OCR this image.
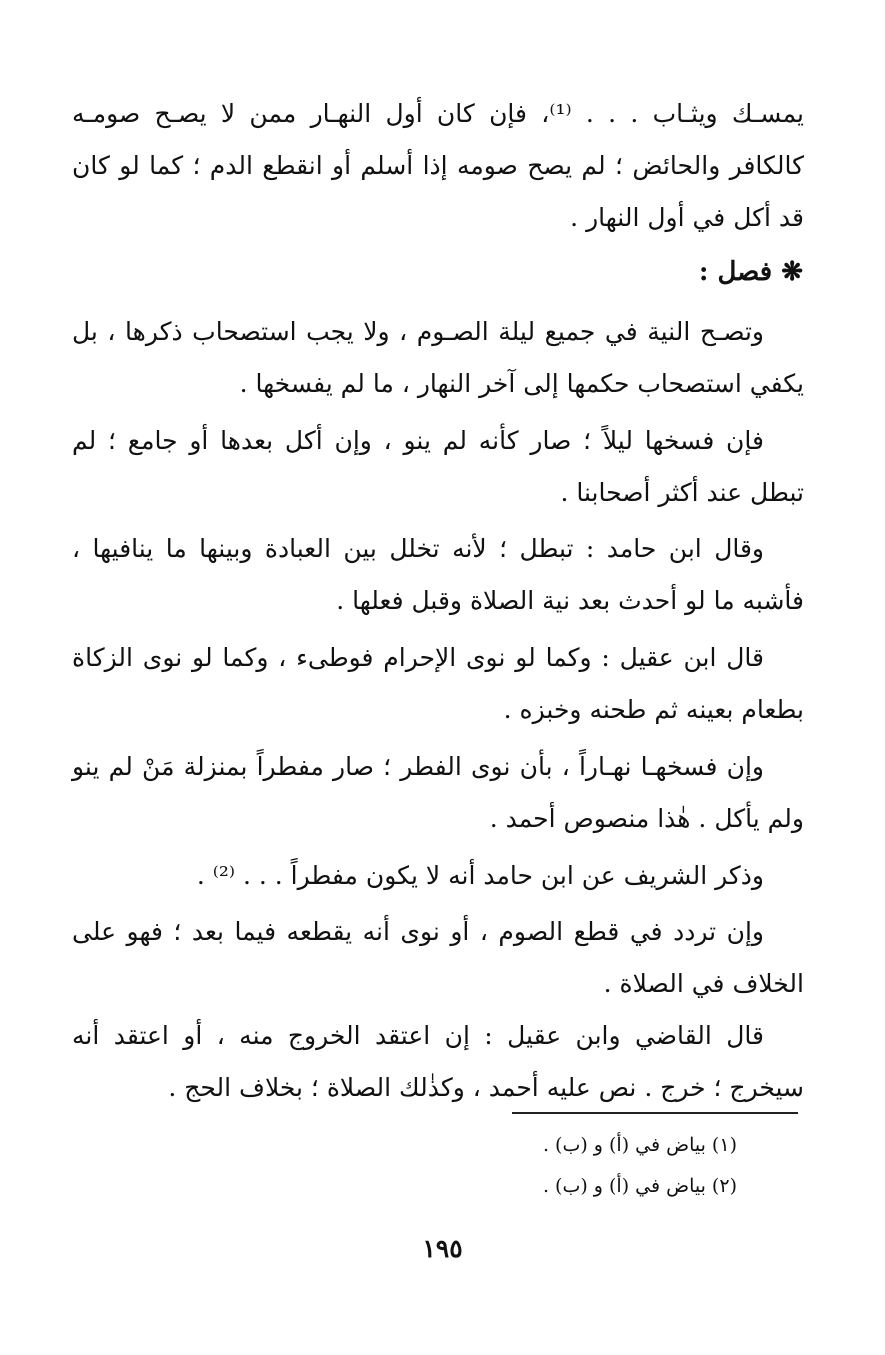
يمسـك ويثـاب . . . ⁽¹⁾، فإن كان أول النهـار ممن لا يصـح صومـه كالكافر والحائض ؛ لم يصح صومه إذا أسلم أو انقطع الدم ؛ كما لو كان قد أكل في أول النهار .
❋ فصل :
وتصـح النية في جميع ليلة الصـوم ، ولا يجب استصحاب ذكرها ، بل يكفي استصحاب حكمها إلى آخر النهار ، ما لم يفسخها .
فإن فسخها ليلاً ؛ صار كأنه لم ينو ، وإن أكل بعدها أو جامع ؛ لم تبطل عند أكثر أصحابنا .
وقال ابن حامد : تبطل ؛ لأنه تخلل بين العبادة وبينها ما ينافيها ، فأشبه ما لو أحدث بعد نية الصلاة وقبل فعلها .
قال ابن عقيل : وكما لو نوى الإحرام فوطىء ، وكما لو نوى الزكاة بطعام بعينه ثم طحنه وخبزه .
وإن فسخهـا نهـاراً ، بأن نوى الفطر ؛ صار مفطراً بمنزلة مَنْ لم ينو ولم يأكل . هٰذا منصوص أحمد .
وذكر الشريف عن ابن حامد أنه لا يكون مفطراً . . . ⁽²⁾ .
وإن تردد في قطع الصوم ، أو نوى أنه يقطعه فيما بعد ؛ فهو على الخلاف في الصلاة .
قال القاضي وابن عقيل : إن اعتقد الخروج منه ، أو اعتقد أنه سيخرج ؛ خرج . نص عليه أحمد ، وكذٰلك الصلاة ؛ بخلاف الحج .
(١) بياض في (أ) و (ب) .
(٢) بياض في (أ) و (ب) .
١٩٥
